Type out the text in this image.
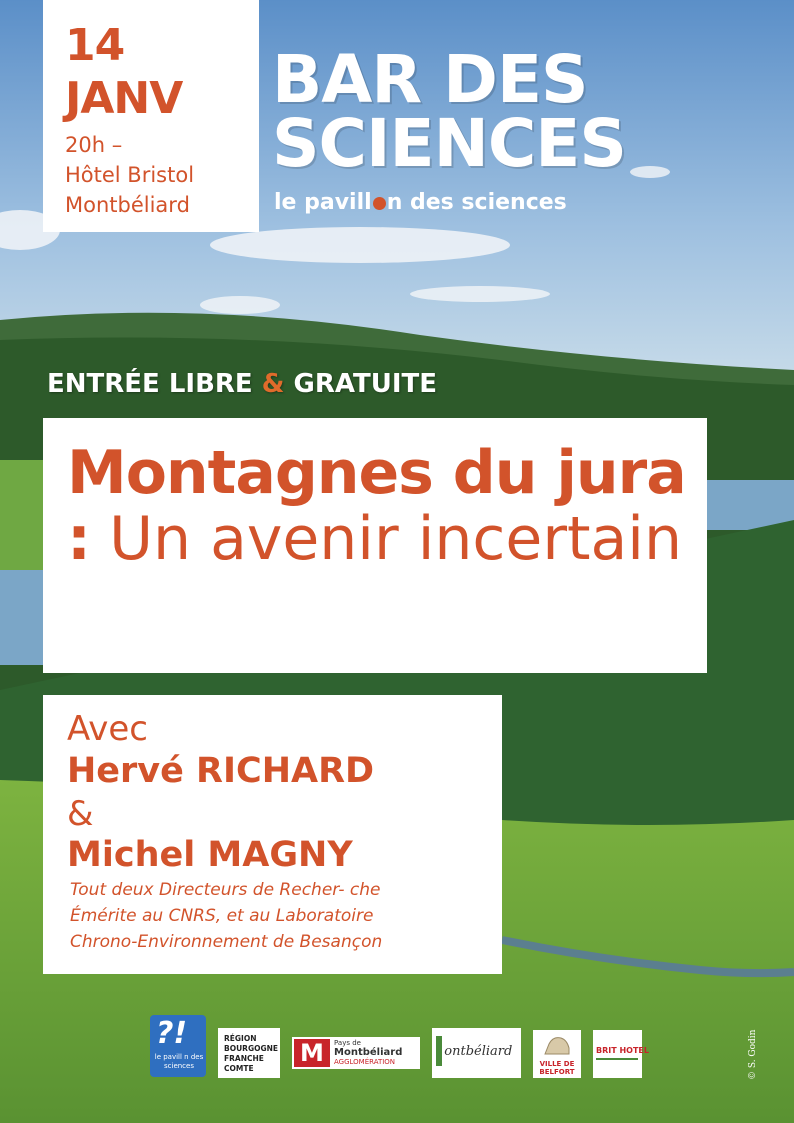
14
JANV
20h –
Hôtel Bristol
Montbéliard
BAR DES
SCIENCES
le pavill n des sciences
ENTRÉE LIBRE & GRATUITE
Montagnes du jura : Un avenir incertain
Avec
Hervé RICHARD
&
Michel MAGNY
Tout deux Directeurs de Recher- che
Émérite au CNRS, et au Laboratoire
Chrono-Environnement de Besançon
© S. Godin
?!
le pavill n des sciences
RÉGION
BOURGOGNE
FRANCHE
COMTE
M	Pays de
Montbéliard
AGGLOMÉRATION
ontbéliard
VILLE DE
BELFORT
BRIT HOTEL
